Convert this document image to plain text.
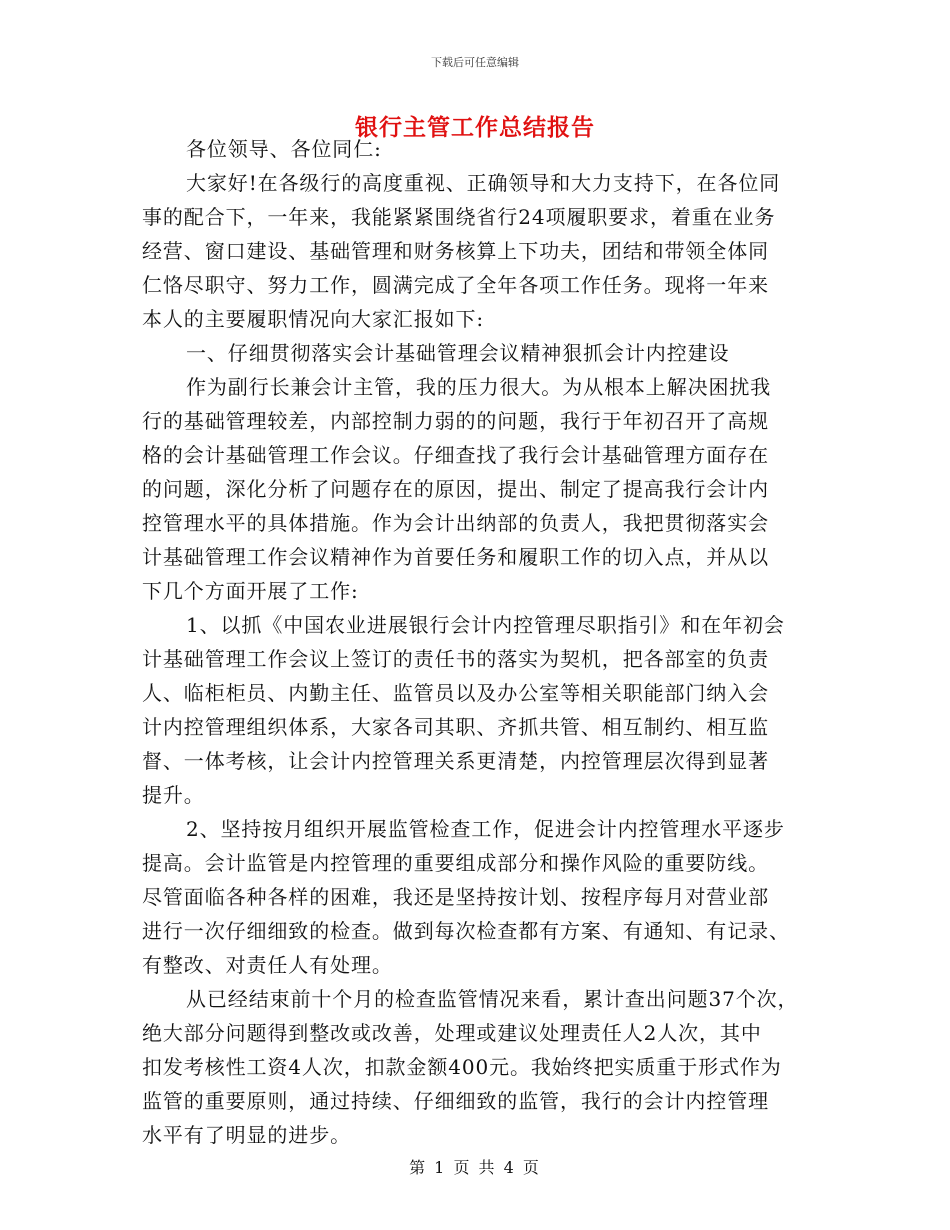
下载后可任意编辑
银行主管工作总结报告
各位领导、各位同仁:
大家好!在各级行的高度重视、正确领导和大力支持下，在各位同
事的配合下，一年来，我能紧紧围绕省行24项履职要求，着重在业务
经营、窗口建设、基础管理和财务核算上下功夫，团结和带领全体同
仁恪尽职守、努力工作，圆满完成了全年各项工作任务。现将一年来
本人的主要履职情况向大家汇报如下:
一、仔细贯彻落实会计基础管理会议精神狠抓会计内控建设
作为副行长兼会计主管，我的压力很大。为从根本上解决困扰我
行的基础管理较差，内部控制力弱的的问题，我行于年初召开了高规
格的会计基础管理工作会议。仔细查找了我行会计基础管理方面存在
的问题，深化分析了问题存在的原因，提出、制定了提高我行会计内
控管理水平的具体措施。作为会计出纳部的负责人，我把贯彻落实会
计基础管理工作会议精神作为首要任务和履职工作的切入点，并从以
下几个方面开展了工作:
1、以抓《中国农业进展银行会计内控管理尽职指引》和在年初会
计基础管理工作会议上签订的责任书的落实为契机，把各部室的负责
人、临柜柜员、内勤主任、监管员以及办公室等相关职能部门纳入会
计内控管理组织体系，大家各司其职、齐抓共管、相互制约、相互监
督、一体考核，让会计内控管理关系更清楚，内控管理层次得到显著
提升。
2、坚持按月组织开展监管检查工作，促进会计内控管理水平逐步
提高。会计监管是内控管理的重要组成部分和操作风险的重要防线。
尽管面临各种各样的困难，我还是坚持按计划、按程序每月对营业部
进行一次仔细细致的检查。做到每次检查都有方案、有通知、有记录、
有整改、对责任人有处理。
从已经结束前十个月的检查监管情况来看，累计查出问题37个次，
绝大部分问题得到整改或改善，处理或建议处理责任人2人次，其中
扣发考核性工资4人次，扣款金额400元。我始终把实质重于形式作为
监管的重要原则，通过持续、仔细细致的监管，我行的会计内控管理
水平有了明显的进步。
第 1 页 共 4 页
